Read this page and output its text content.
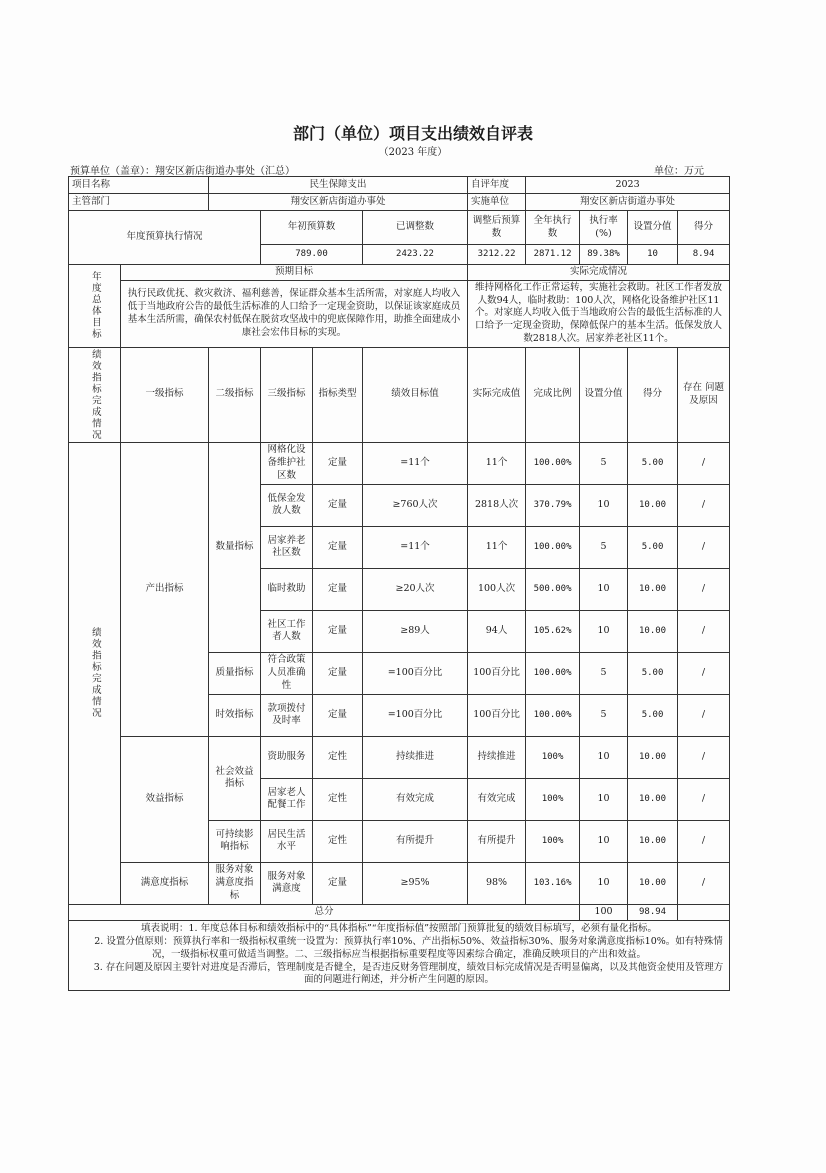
部门（单位）项目支出绩效自评表
（2023 年度）
预算单位（盖章）：翔安区新店街道办事处（汇总）	单位：万元
项目名称		民生保障支出				自评年度	2023			
主管部门		翔安区新店街道办事处				实施单位	翔安区新店街道办事处			
年度预算执行情况			年初预算数		已调整数	调整后预算数	全年执行数	执行率(%)	设置分值	得分
			789.00		2423.22	3212.22	2871.12	89.38%	10	8.94

年度总体目标	预期目标					实际完成情况				
	执行民政优抚、救灾救济、福利慈善，保证群众基本生活所需，对家庭人均收入低于当地政府公告的最低生活标准的人口给予一定现金资助，以保证该家庭成员基本生活所需，确保农村低保在脱贫攻坚战中的兜底保障作用，助推全面建成小康社会宏伟目标的实现。					维持网格化工作正常运转，实施社会救助。社区工作者发放人数94人，临时救助：100人次，网格化设备维护社区11个。对家庭人均收入低于当地政府公告的最低生活标准的人口给予一定现金资助，保障低保户的基本生活。低保发放人数2818人次。居家养老社区11个。				

绩效指标完成情况	一级指标	二级指标	三级指标	指标类型	绩效目标值	实际完成值	完成比例	设置分值	得分	存在 问题及原因

绩效指标完成情况	产出指标	数量指标	网格化设备维护社区数	定量	=11个	11个	100.00%	5	5.00	/
			低保金发放人数	定量	≥760人次	2818人次	370.79%	10	10.00	/
			居家养老社区数	定量	=11个	11个	100.00%	5	5.00	/
			临时救助	定量	≥20人次	100人次	500.00%	10	10.00	/
			社区工作者人数	定量	≥89人	94人	105.62%	10	10.00	/
		质量指标	符合政策人员准确性	定量	=100百分比	100百分比	100.00%	5	5.00	/
		时效指标	款项拨付及时率	定量	=100百分比	100百分比	100.00%	5	5.00	/
	效益指标	社会效益指标	资助服务	定性	持续推进	持续推进	100%	10	10.00	/
			居家老人配餐工作	定性	有效完成	有效完成	100%	10	10.00	/
		可持续影响指标	居民生活水平	定性	有所提升	有所提升	100%	10	10.00	/
	满意度指标	服务对象满意度指标	服务对象满意度	定量	≥95%	98%	103.16%	10	10.00	/
总分								100	98.94	

填表说明：1. 年度总体目标和绩效指标中的“具体指标”“年度指标值”按照部门预算批复的绩效目标填写，必须有量化指标。
2. 设置分值原则：预算执行率和一级指标权重统一设置为：预算执行率10%、产出指标50%、效益指标30%、服务对象满意度指标10%。如有特殊情况，一级指标权重可做适当调整。二、三级指标应当根据指标重要程度等因素综合确定，准确反映项目的产出和效益。
3. 存在问题及原因主要针对进度是否滞后，管理制度是否健全，是否违反财务管理制度，绩效目标完成情况是否明显偏离，以及其他资金使用及管理方面的问题进行阐述，并分析产生问题的原因。										
